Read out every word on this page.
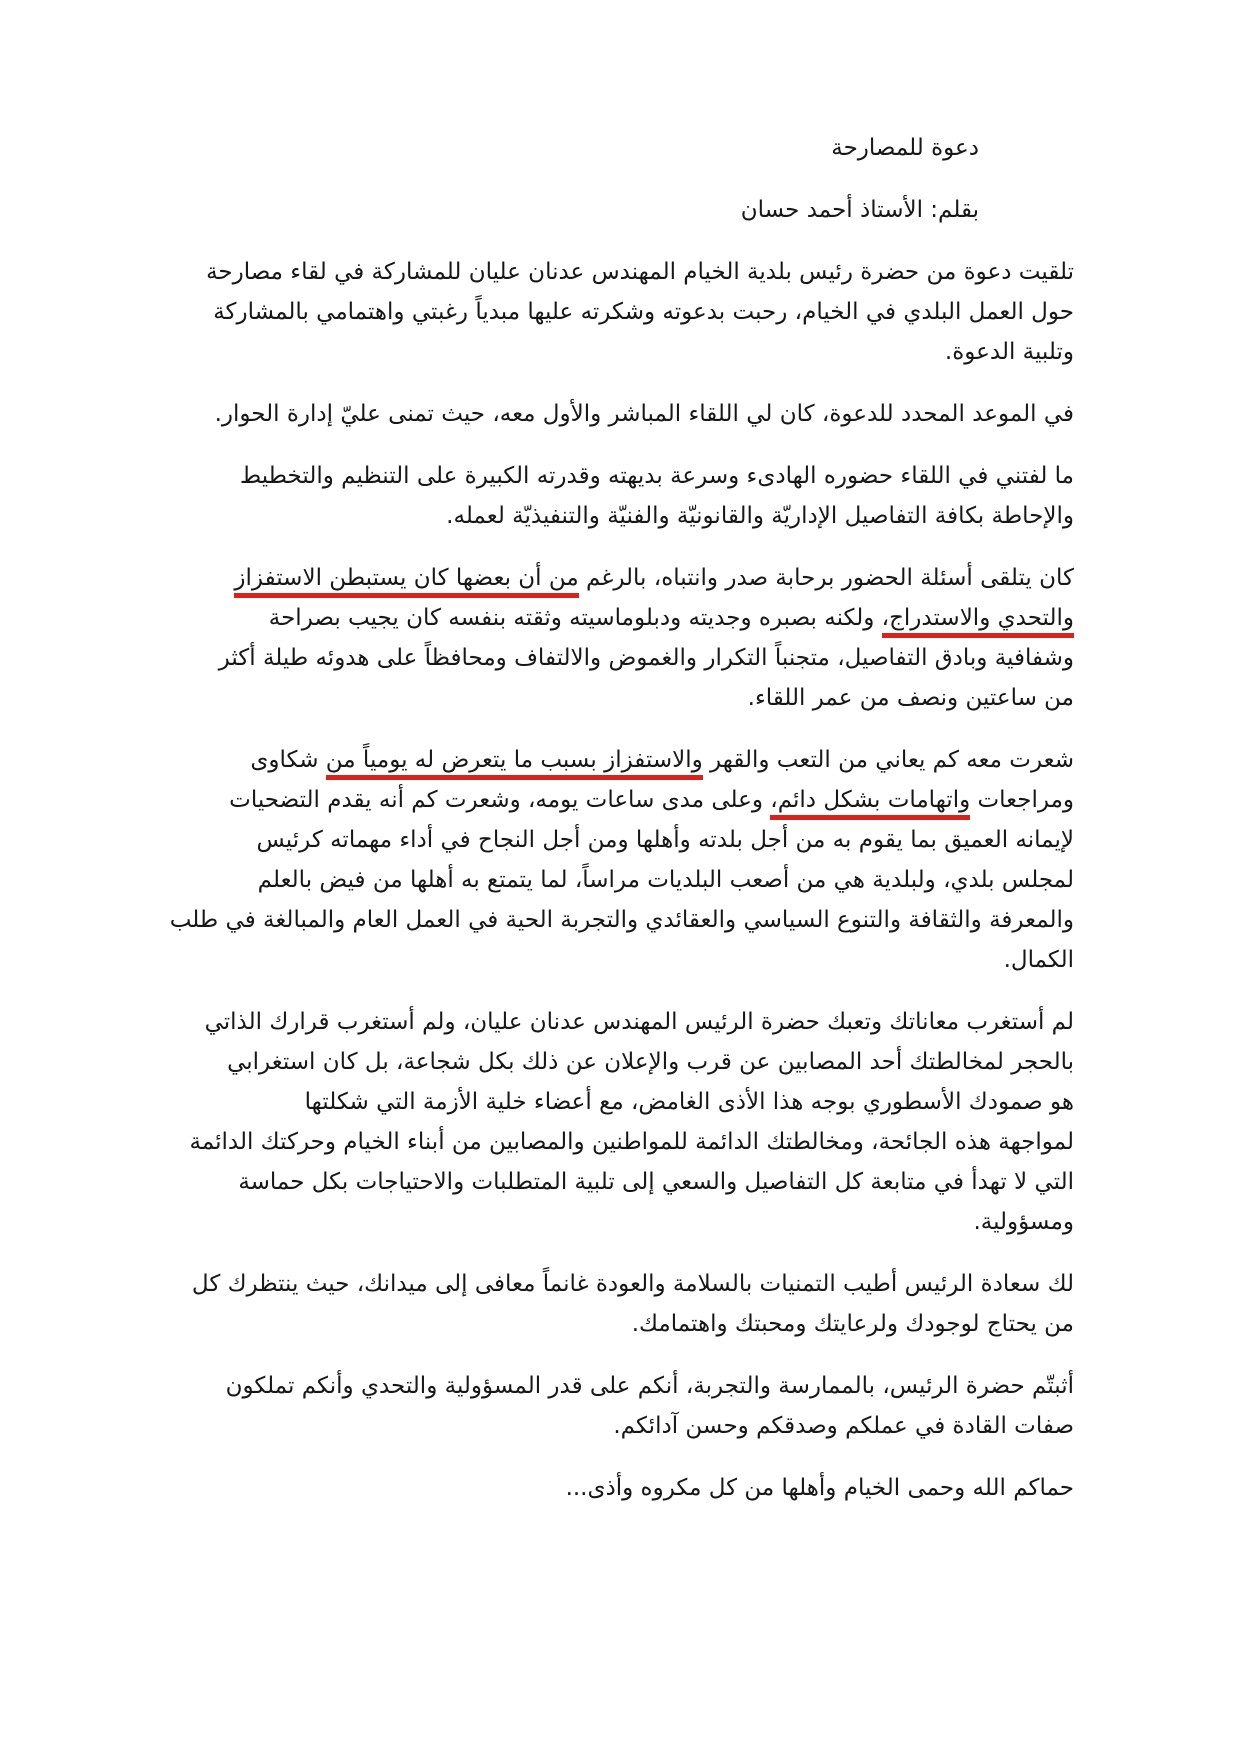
دعوة للمصارحة
بقلم: الأستاذ أحمد حسان
تلقيت دعوة من حضرة رئيس بلدية الخيام المهندس عدنان عليان للمشاركة في لقاء مصارحة
حول العمل البلدي في الخيام، رحبت بدعوته وشكرته عليها مبدياً رغبتي واهتمامي بالمشاركة
وتلبية الدعوة.
في الموعد المحدد للدعوة، كان لي اللقاء المباشر والأول معه، حيث تمنى عليّ إدارة الحوار.
ما لفتني في اللقاء حضوره الهادىء وسرعة بديهته وقدرته الكبيرة على التنظيم والتخطيط
والإحاطة بكافة التفاصيل الإداريّة والقانونيّة والفنيّة والتنفيذيّة لعمله.
كان يتلقى أسئلة الحضور برحابة صدر وانتباه، بالرغم من أن بعضها كان يستبطن الاستفزاز
والتحدي والاستدراج، ولكنه بصبره وجديته ودبلوماسيته وثقته بنفسه كان يجيب بصراحة
وشفافية وبادق التفاصيل، متجنباً التكرار والغموض والالتفاف ومحافظاً على هدوئه طيلة أكثر
من ساعتين ونصف من عمر اللقاء.
شعرت معه كم يعاني من التعب والقهر والاستفزاز بسبب ما يتعرض له يومياً من شكاوى
ومراجعات واتهامات بشكل دائم، وعلى مدى ساعات يومه، وشعرت كم أنه يقدم التضحيات
لإيمانه العميق بما يقوم به من أجل بلدته وأهلها ومن أجل النجاح في أداء مهماته كرئيس
لمجلس بلدي، ولبلدية هي من أصعب البلديات مراساً، لما يتمتع به أهلها من فيض بالعلم
والمعرفة والثقافة والتنوع السياسي والعقائدي والتجربة الحية في العمل العام والمبالغة في طلب
الكمال.
لم أستغرب معاناتك وتعبك حضرة الرئيس المهندس عدنان عليان، ولم أستغرب قرارك الذاتي
بالحجر لمخالطتك أحد المصابين عن قرب والإعلان عن ذلك بكل شجاعة، بل كان استغرابي
هو صمودك الأسطوري بوجه هذا الأذى الغامض، مع أعضاء خلية الأزمة التي شكلتها
لمواجهة هذه الجائحة، ومخالطتك الدائمة للمواطنين والمصابين من أبناء الخيام وحركتك الدائمة
التي لا تهدأ في متابعة كل التفاصيل والسعي إلى تلبية المتطلبات والاحتياجات بكل حماسة
ومسؤولية.
لك سعادة الرئيس أطيب التمنيات بالسلامة والعودة غانماً معافى إلى ميدانك، حيث ينتظرك كل
من يحتاج لوجودك ولرعايتك ومحبتك واهتمامك.
أثبتّم حضرة الرئيس، بالممارسة والتجربة، أنكم على قدر المسؤولية والتحدي وأنكم تملكون
صفات القادة في عملكم وصدقكم وحسن آدائكم.
حماكم الله وحمى الخيام وأهلها من كل مكروه وأذى...
